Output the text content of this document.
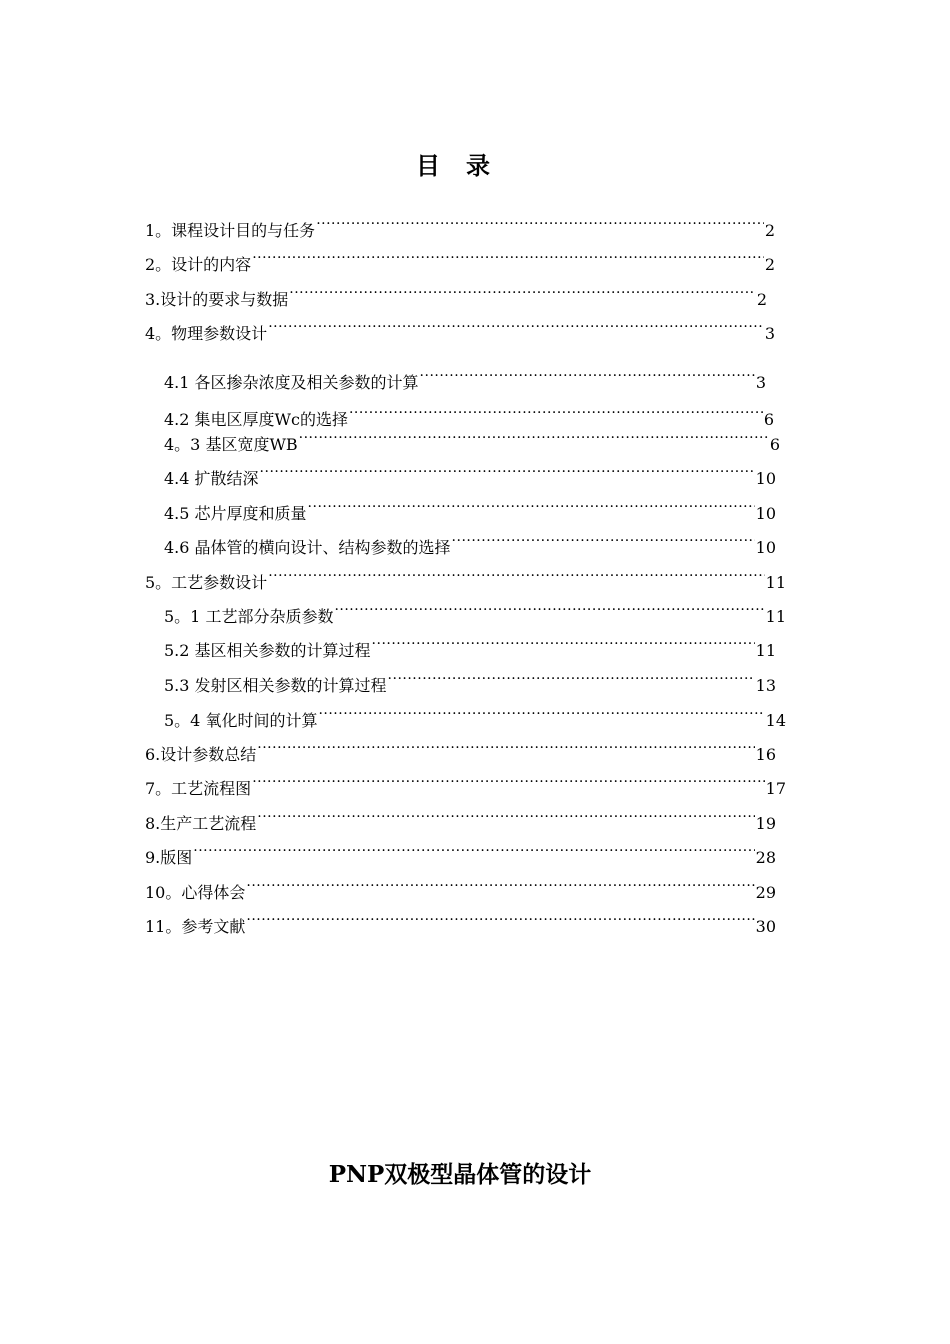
目录
1。课程设计目的与任务 ·····	2
2。设计的内容 ·····	2
3.设计的要求与数据 ·····	2
4。物理参数设计 ·····	3
4.1 各区掺杂浓度及相关参数的计算 ·····	3
4.2 集电区厚度Wc的选择 ·····	6
4。3 基区宽度WB ·····	6
4.4 扩散结深 ·····	10
4.5 芯片厚度和质量 ·····	10
4.6 晶体管的横向设计、结构参数的选择 ·····	10
5。工艺参数设计 ·····	11
5。1 工艺部分杂质参数 ·····	11
5.2 基区相关参数的计算过程 ·····	11
5.3 发射区相关参数的计算过程 ·····	13
5。4 氧化时间的计算 ·····	14
6.设计参数总结 ·····	16
7。工艺流程图 ·····	17
8.生产工艺流程 ·····	19
9.版图 ·····	28
10。心得体会 ·····	29
11。参考文献 ·····	30
PNP双极型晶体管的设计
